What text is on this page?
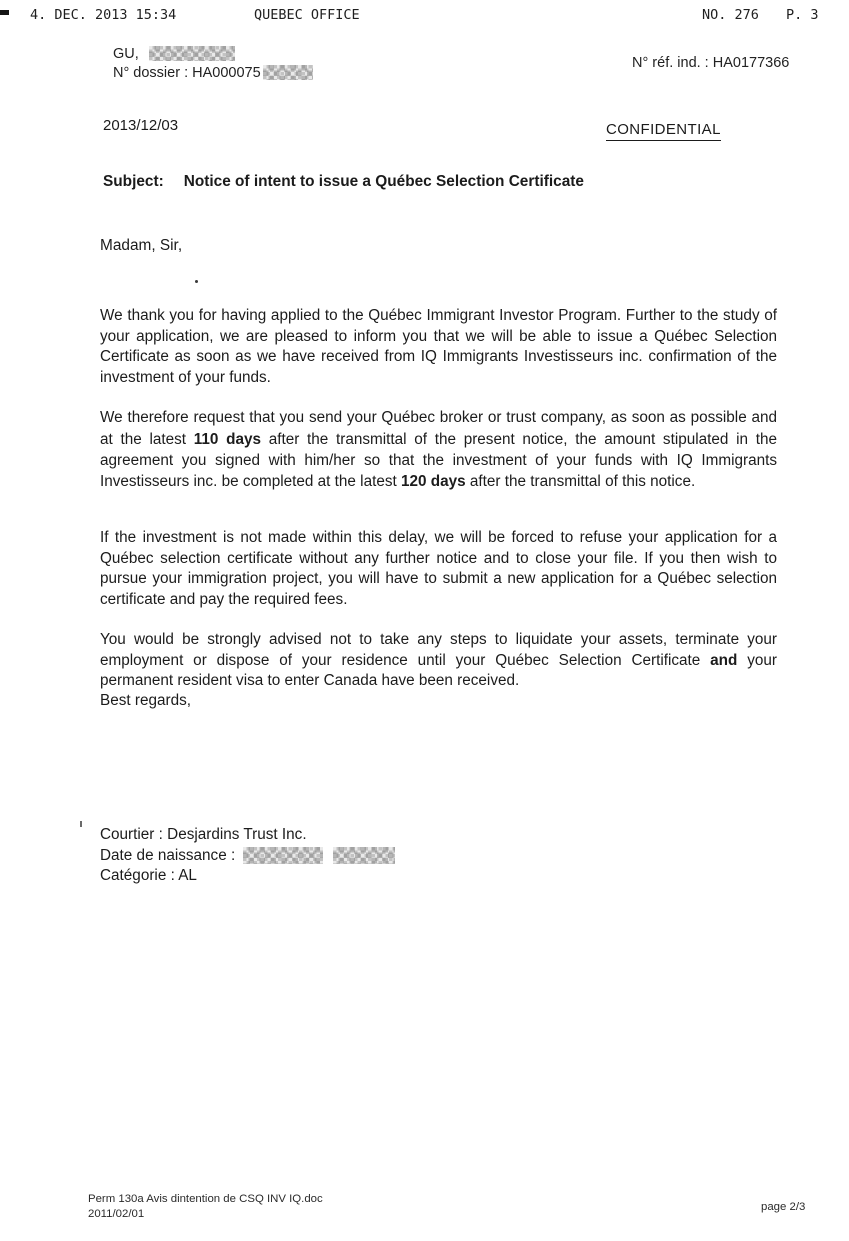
4. DEC. 2013 15:34	QUEBEC OFFICE	NO. 276 P. 3
GU,
N° dossier : HA000075
N° réf. ind. : HA0177366
2013/12/03	CONFIDENTIAL
Subject: Notice of intent to issue a Québec Selection Certificate
Madam, Sir,

We thank you for having applied to the Québec Immigrant Investor Program. Further to the study of your application, we are pleased to inform you that we will be able to issue a Québec Selection Certificate as soon as we have received from IQ Immigrants Investisseurs inc. confirmation of the investment of your funds.

We therefore request that you send your Québec broker or trust company, as soon as possible and at the latest 110 days after the transmittal of the present notice, the amount stipulated in the agreement you signed with him/her so that the investment of your funds with IQ Immigrants Investisseurs inc. be completed at the latest 120 days after the transmittal of this notice.

If the investment is not made within this delay, we will be forced to refuse your application for a Québec selection certificate without any further notice and to close your file. If you then wish to pursue your immigration project, you will have to submit a new application for a Québec selection certificate and pay the required fees.

You would be strongly advised not to take any steps to liquidate your assets, terminate your employment or dispose of your residence until your Québec Selection Certificate and your permanent resident visa to enter Canada have been received.

Best regards,
Courtier : Desjardins Trust Inc.
Date de naissance :
Catégorie : AL
Perm 130a Avis dintention de CSQ INV IQ.doc
2011/02/01
page 2/3
